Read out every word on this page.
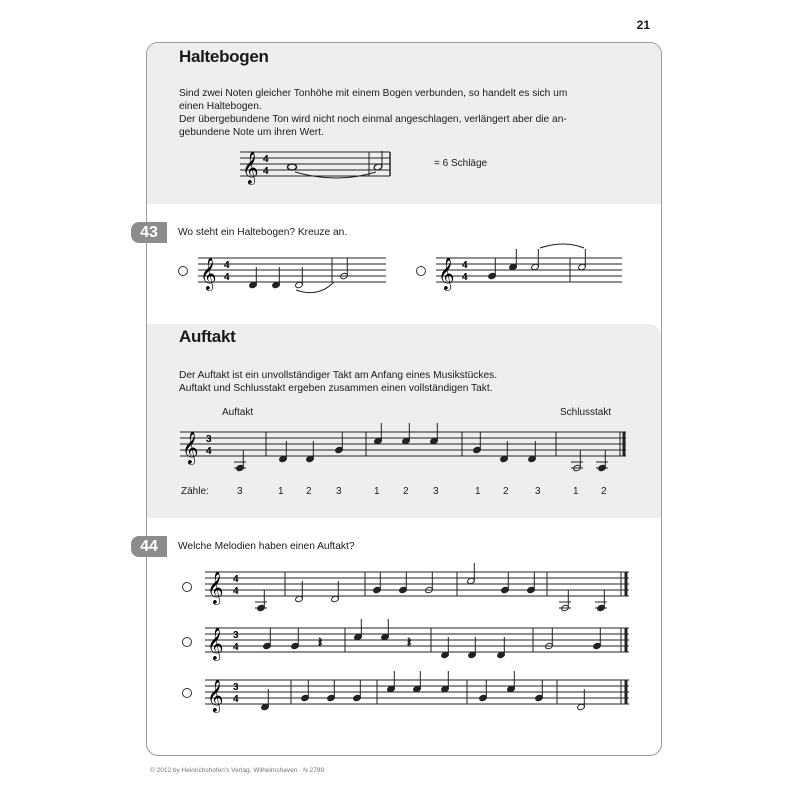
21
Haltebogen
Sind zwei Noten gleicher Tonhöhe mit einem Bogen verbunden, so handelt es sich um
einen Haltebogen.
Der übergebundene Ton wird nicht noch einmal angeschlagen, verlängert aber die an-
gebundene Note um ihren Wert.
Auftakt
Der Auftakt ist ein unvollständiger Takt am Anfang eines Musikstückes.
Auftakt und Schlusstakt ergeben zusammen einen vollständigen Takt.
𝄞 4
4
= 6 Schläge
43	Wo steht ein Haltebogen? Kreuze an.
𝄞 4
4	𝄞 4
4
Auftakt	Schlusstakt
𝄞 3
4
Zähle:	3	1 2 3	1 2 3	1 2	3	1 2
44	Welche Melodien haben einen Auftakt?
𝄞 4
4
𝄞 3
4	𝄽	𝄽
𝄞 3
4
© 2012 by Heinrichshofen's Verlag, Wilhelmshaven · N 2799
